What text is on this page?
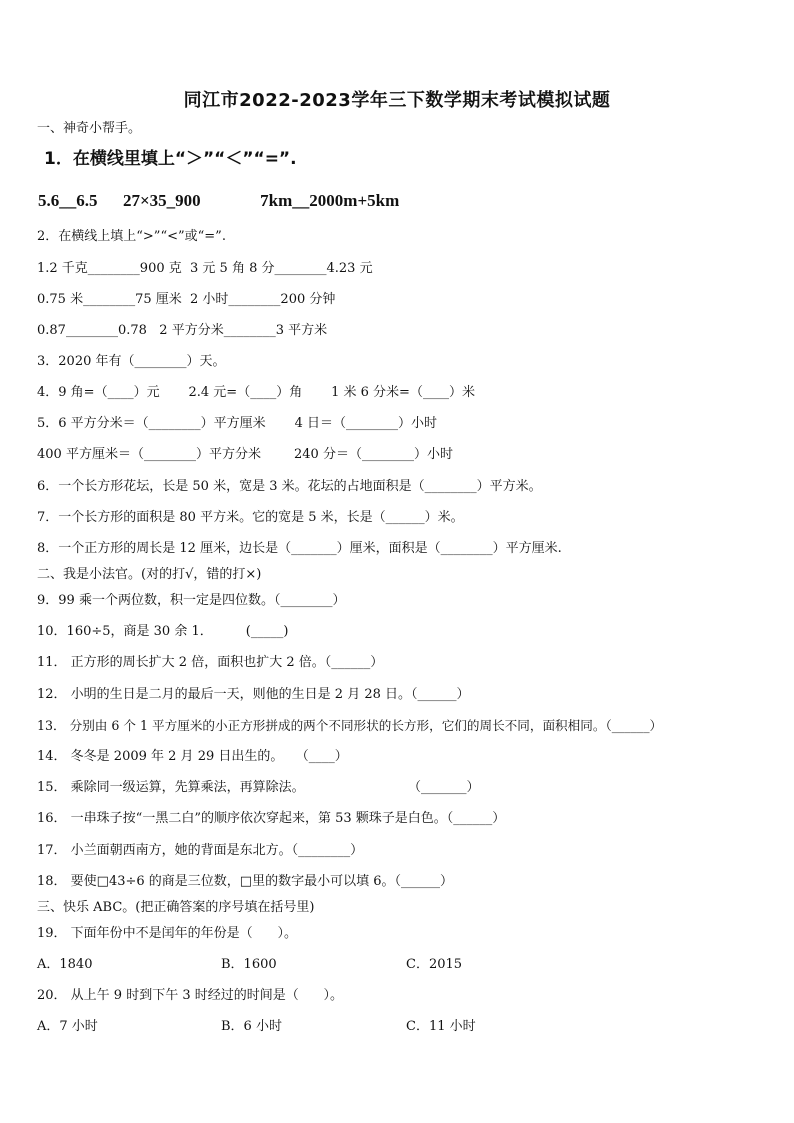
同江市2022-2023学年三下数学期末考试模拟试题
一、神奇小帮手。
1．在横线里填上“＞”“＜”“=”.
5.6__6.5      27×35_900              7km__2000m+5km
2．在横线上填上“>”“<”或“=”.
1.2 千克________900 克  3 元 5 角 8 分________4.23 元
0.75 米________75 厘米  2 小时________200 分钟
0.87________0.78   2 平方分米________3 平方米
3．2020 年有（________）天。
4．9 角=（____）元       2.4 元=（____）角       1 米 6 分米=（____）米
5．6 平方分米＝（________）平方厘米       4 日＝（________）小时
400 平方厘米＝（________）平方分米        240 分＝（________）小时
6．一个长方形花坛，长是 50 米，宽是 3 米。花坛的占地面积是（________）平方米。
7．一个长方形的面积是 80 平方米。它的宽是 5 米，长是（______）米。
8．一个正方形的周长是 12 厘米，边长是（_______）厘米，面积是（________）平方厘米.
二、我是小法官。(对的打√，错的打×)
9．99 乘一个两位数，积一定是四位数。（________）
10．160÷5，商是 30 余 1．        (_____)
11． 正方形的周长扩大 2 倍，面积也扩大 2 倍。（______）
12． 小明的生日是二月的最后一天，则他的生日是 2 月 28 日。（______）
13． 分别由 6 个 1 平方厘米的小正方形拼成的两个不同形状的长方形，它们的周长不同，面积相同。（______）
14． 冬冬是 2009 年 2 月 29 日出生的。   （____）
15． 乘除同一级运算，先算乘法，再算除法。                         （_______）
16． 一串珠子按“一黑二白”的顺序依次穿起来，第 53 颗珠子是白色。（______）
17． 小兰面朝西南方，她的背面是东北方。（________）
18． 要使□43÷6 的商是三位数，□里的数字最小可以填 6。（______）
三、快乐 ABC。(把正确答案的序号填在括号里)
19． 下面年份中不是闰年的年份是（      ）。
A．1840	B．1600	C．2015
20． 从上午 9 时到下午 3 时经过的时间是（      ）。
A．7 小时	B．6 小时	C．11 小时
